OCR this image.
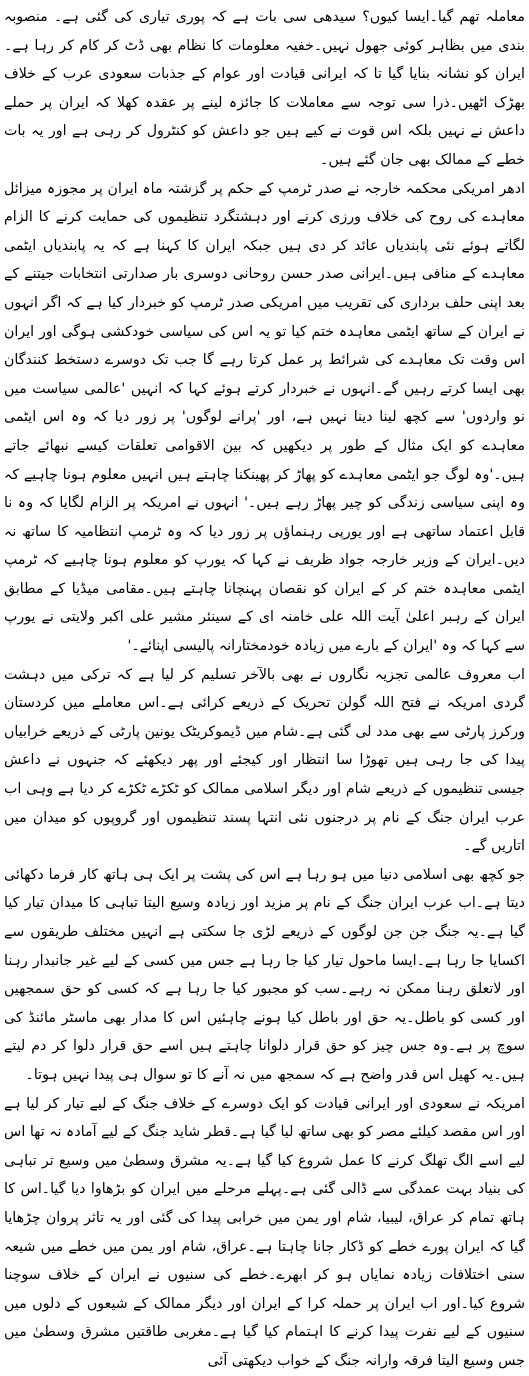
معاملہ تھم گیا۔ایسا کیوں؟ سیدھی سی بات ہے کہ پوری تیاری کی گئی ہے۔ منصوبہ بندی میں بظاہر کوئی جھول نہیں۔خفیہ معلومات کا نظام بھی ڈٹ کر کام کر رہا ہے۔ایران کو نشانہ بنایا گیا تا کہ ایرانی قیادت اور عوام کے جذبات سعودی عرب کے خلاف بھڑک اٹھیں۔ذرا سی توجہ سے معاملات کا جائزہ لینے پر عقدہ کھلا کہ ایران پر حملے داعش نے نہیں بلکہ اس قوت نے کیے ہیں جو داعش کو کنٹرول کر رہی ہے اور یہ بات خطے کے ممالک بھی جان گئے ہیں۔

ادھر امریکی محکمہ خارجہ نے صدر ٹرمپ کے حکم پر گزشتہ ماہ ایران پر مجوزہ میزائل معاہدے کی روح کی خلاف ورزی کرنے اور دہشتگرد تنظیموں کی حمایت کرنے کا الزام لگاتے ہوئے نئی پابندیاں عائد کر دی ہیں جبکہ ایران کا کہنا ہے کہ یہ پابندیاں ایٹمی معاہدے کے منافی ہیں۔ایرانی صدر حسن روحانی دوسری بار صدارتی انتخابات جیتنے کے بعد اپنی حلف برداری کی تقریب میں امریکی صدر ٹرمپ کو خبردار کیا ہے کہ اگر انہوں نے ایران کے ساتھ ایٹمی معاہدہ ختم کیا تو یہ اس کی سیاسی خودکشی ہوگی اور ایران اس وقت تک معاہدے کی شرائط پر عمل کرتا رہے گا جب تک دوسرے دستخط کنندگان بھی ایسا کرتے رہیں گے۔انہوں نے خبردار کرتے ہوئے کہا کہ انہیں 'عالمی سیاست میں نو واردوں' سے کچھ لینا دینا نہیں ہے، اور 'پرانے لوگوں' پر زور دیا کہ وہ اس ایٹمی معاہدے کو ایک مثال کے طور پر دیکھیں کہ بین الاقوامی تعلقات کیسے نبھائے جاتے ہیں۔'وہ لوگ جو ایٹمی معاہدے کو پھاڑ کر پھینکنا چاہتے ہیں انہیں معلوم ہونا چاہیے کہ وہ اپنی سیاسی زندگی کو چیر پھاڑ رہے ہیں۔' انہوں نے امریکہ پر الزام لگایا کہ وہ نا قابل اعتماد ساتھی ہے اور یورپی رہنماؤں پر زور دیا کہ وہ ٹرمپ انتظامیہ کا ساتھ نہ دیں۔ایران کے وزیر خارجہ جواد ظریف نے کہا کہ یورپ کو معلوم ہونا چاہیے کہ ٹرمپ ایٹمی معاہدہ ختم کر کے ایران کو نقصان پہنچانا چاہتے ہیں۔مقامی میڈیا کے مطابق ایران کے رہبر اعلیٰ آیت اللہ علی خامنہ ای کے سینئر مشیر علی اکبر ولایتی نے یورپ سے کہا کہ وہ 'ایران کے بارے میں زیادہ خودمختارانہ پالیسی اپنائے۔'

اب معروف عالمی تجزیہ نگاروں نے بھی بالآخر تسلیم کر لیا ہے کہ ترکی میں دہشت گردی امریکہ نے فتح اللہ گولن تحریک کے ذریعے کرائی ہے۔اس معاملے میں کردستان ورکرز پارٹی سے بھی مدد لی گئی ہے۔شام میں ڈیموکریٹک یونین پارٹی کے ذریعے خرابیاں پیدا کی جا رہی ہیں تھوڑا سا انتظار اور کیجئے اور پھر دیکھئے کہ جنہوں نے داعش جیسی تنظیموں کے ذریعے شام اور دیگر اسلامی ممالک کو ٹکڑے ٹکڑے کر دیا ہے وہی اب عرب ایران جنگ کے نام پر درجنوں نئی انتہا پسند تنظیموں اور گروپوں کو میدان میں اتاریں گے۔

جو کچھ بھی اسلامی دنیا میں ہو رہا ہے اس کی پشت پر ایک ہی ہاتھ کار فرما دکھائی دیتا ہے۔اب عرب ایران جنگ کے نام پر مزید اور زیادہ وسیع الیتا تباہی کا میدان تیار کیا گیا ہے۔یہ جنگ جن جن لوگوں کے ذریعے لڑی جا سکتی ہے انہیں مختلف طریقوں سے اکسایا جا رہا ہے۔ایسا ماحول تیار کیا جا رہا ہے جس میں کسی کے لیے غیر جانبدار رہنا اور لاتعلق رہنا ممکن نہ رہے۔سب کو مجبور کیا جا رہا ہے کہ کسی کو حق سمجھیں اور کسی کو باطل۔یہ حق اور باطل کیا ہونے چاہئیں اس کا مدار بھی ماسٹر مائنڈ کی سوچ پر ہے۔وہ جس چیز کو حق قرار دلوانا چاہتے ہیں اسے حق قرار دلوا کر دم لیتے ہیں۔یہ کھیل اس قدر واضح ہے کہ سمجھ میں نہ آنے کا تو سوال ہی پیدا نہیں ہوتا۔

امریکہ نے سعودی اور ایرانی قیادت کو ایک دوسرے کے خلاف جنگ کے لیے تیار کر لیا ہے اور اس مقصد کیلئے مصر کو بھی ساتھ لیا گیا ہے۔قطر شاید جنگ کے لیے آمادہ نہ تھا اس لیے اسے الگ تھلگ کرنے کا عمل شروع کیا گیا ہے۔یہ مشرق وسطیٰ میں وسیع تر تباہی کی بنیاد بہت عمدگی سے ڈالی گئی ہے۔پہلے مرحلے میں ایران کو بڑھاوا دیا گیا۔اس کا ہاتھ تمام کر عراق، لیبیا، شام اور یمن میں خرابی پیدا کی گئی اور یہ تاثر پروان چڑھایا گیا کہ ایران پورے خطے کو ڈکار جانا چاہتا ہے۔عراق، شام اور یمن میں خطے میں شیعہ سنی اختلافات زیادہ نمایاں ہو کر ابھرے۔خطے کی سنیوں نے ایران کے خلاف سوچنا شروع کیا۔اور اب ایران پر حملہ کرا کے ایران اور دیگر ممالک کے شیعوں کے دلوں میں سنیوں کے لیے نفرت پیدا کرنے کا اہتمام کیا گیا ہے۔مغربی طاقتیں مشرق وسطیٰ میں جس وسیع الیتا فرقہ وارانہ جنگ کے خواب دیکھتی آئی
